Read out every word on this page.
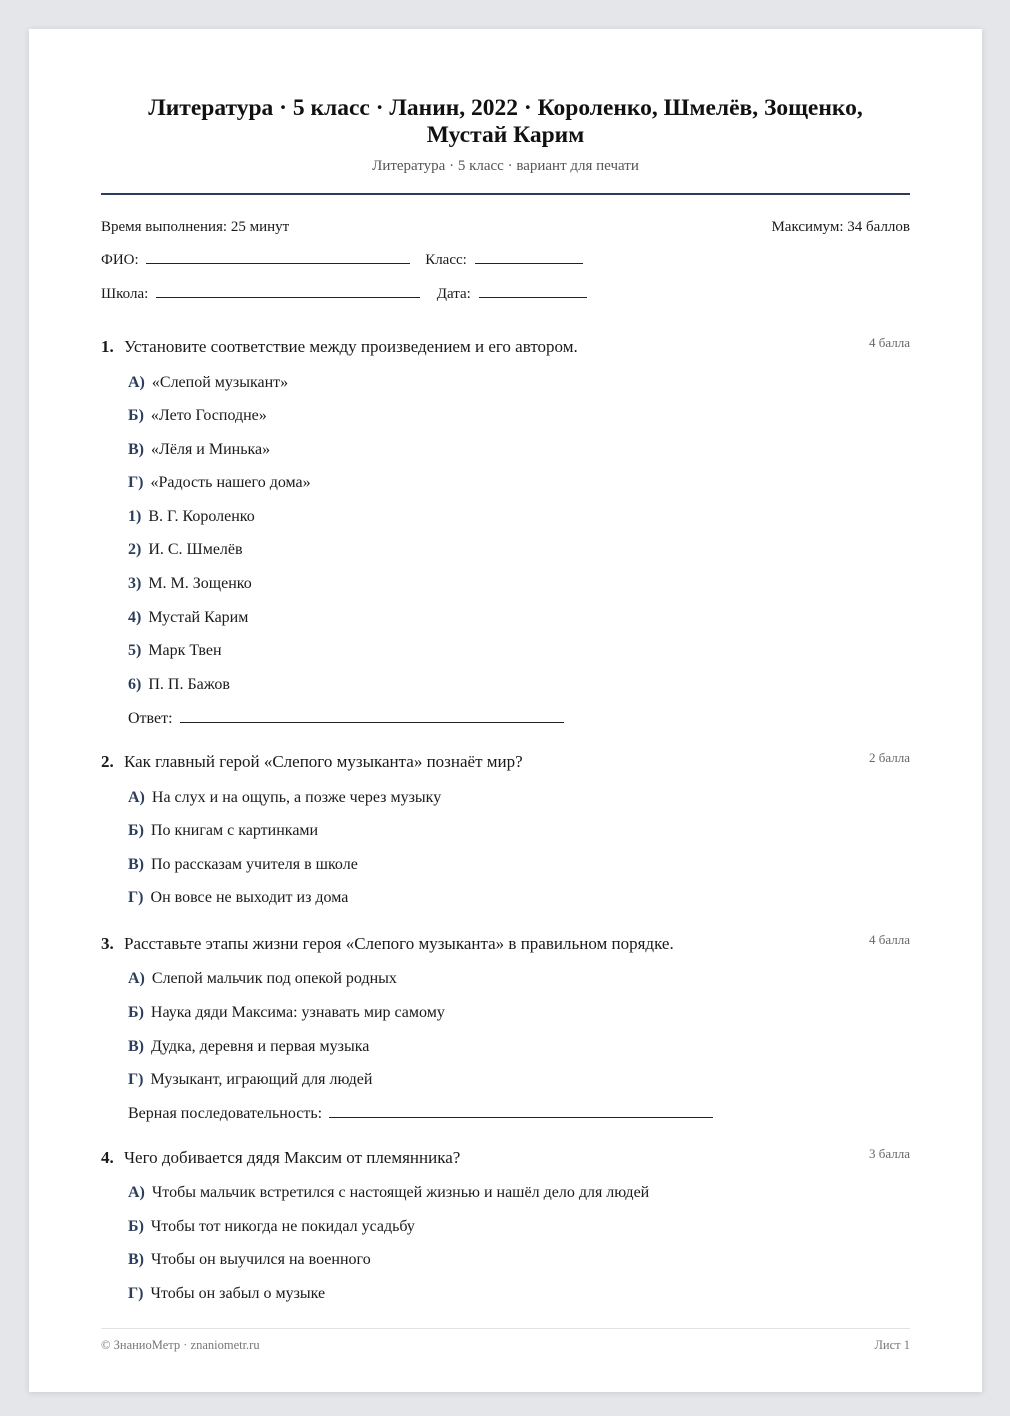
Литература · 5 класс · Ланин, 2022 · Короленко, Шмелёв, Зощенко,
Мустай Карим
Литература · 5 класс · вариант для печати
Время выполнения: 25 минут	Максимум: 34 баллов
ФИО:	Класс:
Школа:	Дата:
1. Установите соответствие между произведением и его автором.	4 балла
А) «Слепой музыкант»
Б) «Лето Господне»
В) «Лёля и Минька»
Г) «Радость нашего дома»
1) В. Г. Короленко
2) И. С. Шмелёв
3) М. М. Зощенко
4) Мустай Карим
5) Марк Твен
6) П. П. Бажов
Ответ:
2. Как главный герой «Слепого музыканта» познаёт мир?	2 балла
А) На слух и на ощупь, а позже через музыку
Б) По книгам с картинками
В) По рассказам учителя в школе
Г) Он вовсе не выходит из дома
3. Расставьте этапы жизни героя «Слепого музыканта» в правильном порядке.	4 балла
А) Слепой мальчик под опекой родных
Б) Наука дяди Максима: узнавать мир самому
В) Дудка, деревня и первая музыка
Г) Музыкант, играющий для людей
Верная последовательность:
4. Чего добивается дядя Максим от племянника?	3 балла
А) Чтобы мальчик встретился с настоящей жизнью и нашёл дело для людей
Б) Чтобы тот никогда не покидал усадьбу
В) Чтобы он выучился на военного
Г) Чтобы он забыл о музыке
© ЗнаниоМетр · znaniometr.ru	Лист 1
